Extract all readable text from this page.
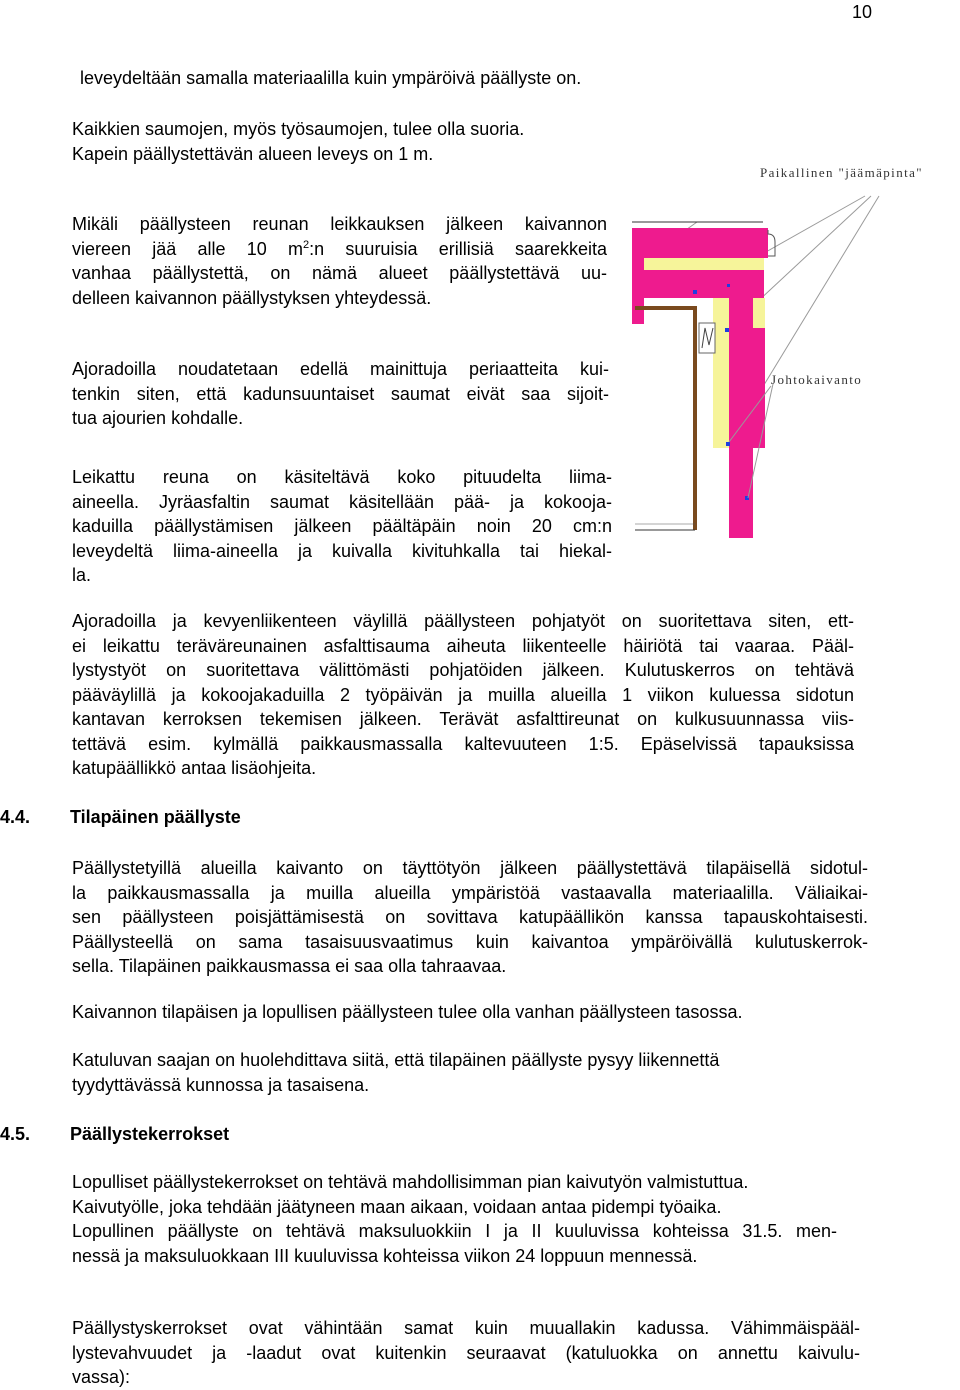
10

leveydeltään samalla materiaalilla kuin ympäröivä päällyste on.

Kaikkien saumojen, myös työsaumojen, tulee olla suoria.
Kapein päällystettävän alueen leveys on 1 m.

Mikäli päällysteen reunan leikkauksen jälkeen kaivannon
viereen jää alle 10 $m^2:n$ suuruisia erillisiä saarekkeita
vanhaa päällystettä, on nämä alueet päällystettävä uu-
delleen kaivannon päällystyksen yhteydessä.

Ajoradoilla noudatetaan edellä mainittuja periaatteita kui-
tenkin siten, että kadunsuuntaiset saumat eivät saa sijoit-
tua ajourien kohdalle.

Leikattu reuna on käsiteltävä koko pituudelta liima-
aineella. Jyräasfaltin saumat käsitellään pää- ja kokooja-
kaduilla päällystämisen jälkeen päältäpäin noin 20 cm:n
leveydeltä liima-aineella ja kuivalla kivituhkalla tai hiekal-
la.

Paikallinen "jäämäpinta"
Johtokaivanto

Ajoradoilla ja kevyenliikenteen väylillä päällysteen pohjatyöt on suoritettava siten, ett-
ei leikattu teräväreunainen asfalttisauma aiheuta liikenteelle häiriötä tai vaaraa. Pääl-
lystystyöt on suoritettava välittömästi pohjatöiden jälkeen. Kulutuskerros on tehtävä
pääväylillä ja kokoojakaduilla 2 työpäivän ja muilla alueilla 1 viikon kuluessa sidotun
kantavan kerroksen tekemisen jälkeen. Terävät asfalttireunat on kulkusuunnassa viis-
tettävä esim. kylmällä paikkausmassalla kaltevuuteen 1:5. Epäselvissä tapauksissa
katupäällikkö antaa lisäohjeita.

4.4. Tilapäinen päällyste

Päällystetyillä alueilla kaivanto on täyttötyön jälkeen päällystettävä tilapäisellä sidotul-
la paikkausmassalla ja muilla alueilla ympäristöä vastaavalla materiaalilla. Väliaikai-
sen päällysteen poisjättämisestä on sovittava katupäällikön kanssa tapauskohtaisesti.
Päällysteellä on sama tasaisuusvaatimus kuin kaivantoa ympäröivällä kulutuskerrok-
sella. Tilapäinen paikkausmassa ei saa olla tahraavaa.

Kaivannon tilapäisen ja lopullisen päällysteen tulee olla vanhan päällysteen tasossa.

Katuluvan saajan on huolehdittava siitä, että tilapäinen päällyste pysyy liikennettä
tyydyttävässä kunnossa ja tasaisena.

4.5. Päällystekerrokset

Lopulliset päällystekerrokset on tehtävä mahdollisimman pian kaivutyön valmistuttua.
Kaivutyölle, joka tehdään jäätyneen maan aikaan, voidaan antaa pidempi työaika.
Lopullinen päällyste on tehtävä maksuluokkiin I ja II kuuluvissa kohteissa 31.5. men-
nessä ja maksuluokkaan III kuuluvissa kohteissa viikon 24 loppuun mennessä.

Päällystyskerrokset ovat vähintään samat kuin muuallakin kadussa. Vähimmäispääl-
lystevahvuudet ja -laadut ovat kuitenkin seuraavat (katuluokka on annettu kaivulu-
vassa):
